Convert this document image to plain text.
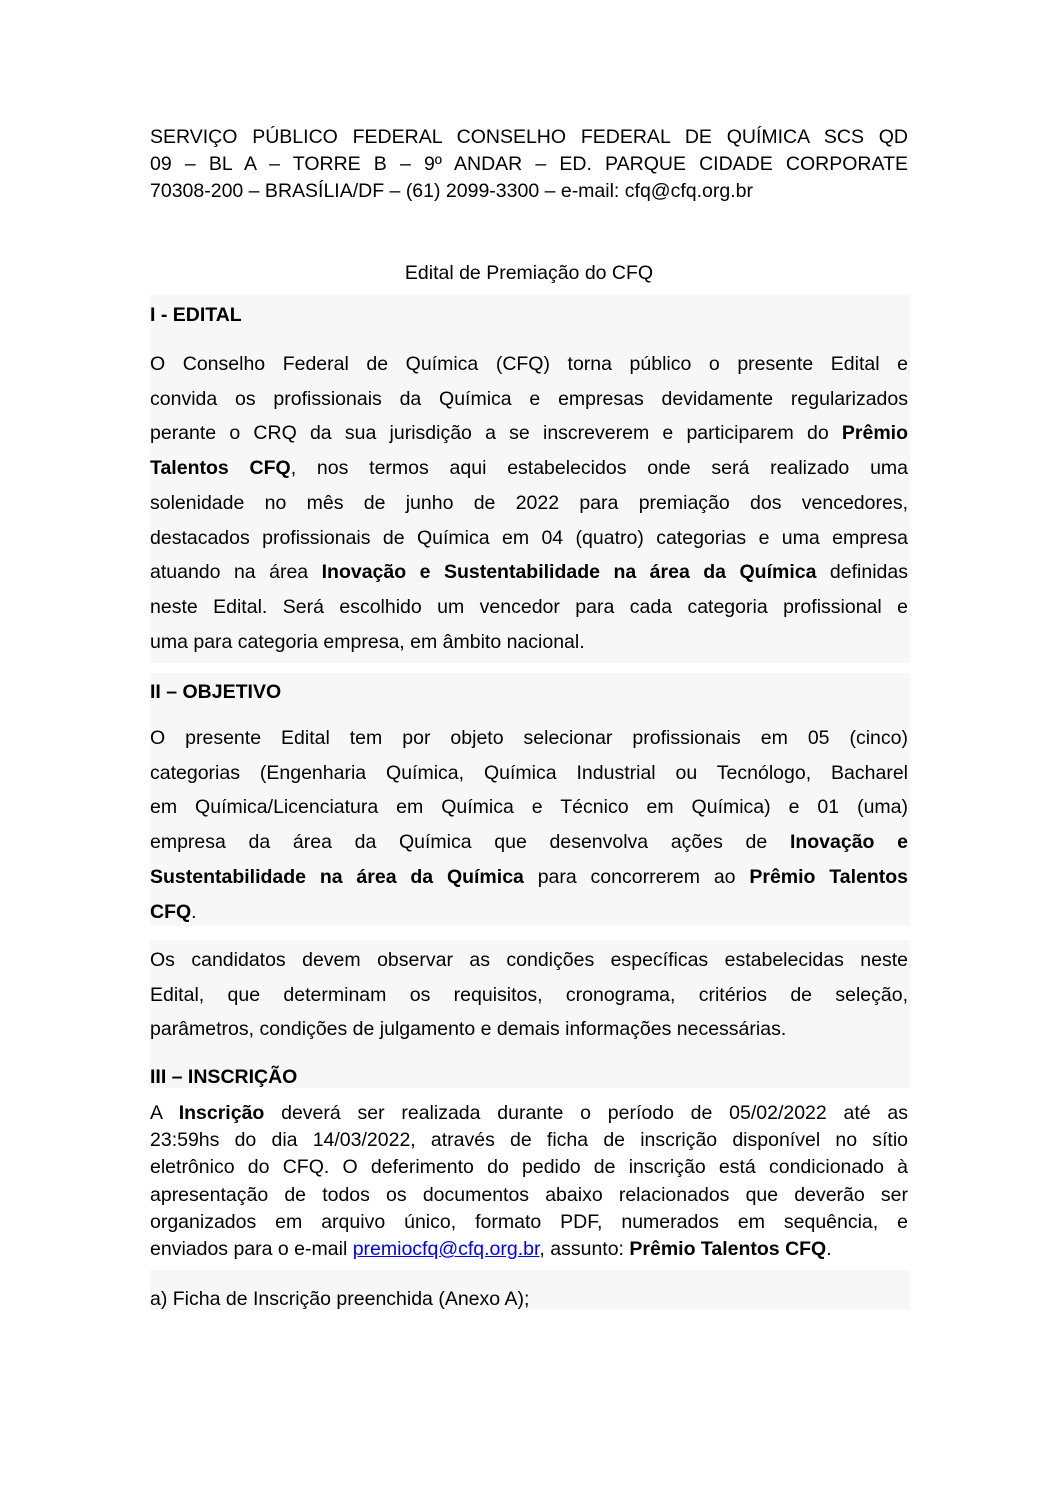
SERVIÇO PÚBLICO FEDERAL CONSELHO FEDERAL DE QUÍMICA SCS QD
09 – BL A – TORRE B – 9º ANDAR – ED. PARQUE CIDADE CORPORATE
70308-200 – BRASÍLIA/DF – (61) 2099-3300 – e-mail: cfq@cfq.org.br
Edital de Premiação do CFQ
I - EDITAL
O Conselho Federal de Química (CFQ) torna público o presente Edital e
convida os profissionais da Química e empresas devidamente regularizados
perante o CRQ da sua jurisdição a se inscreverem e participarem do Prêmio
Talentos CFQ, nos termos aqui estabelecidos onde será realizado uma
solenidade no mês de junho de 2022 para premiação dos vencedores,
destacados profissionais de Química em 04 (quatro) categorias e uma empresa
atuando na área Inovação e Sustentabilidade na área da Química definidas
neste Edital. Será escolhido um vencedor para cada categoria profissional e
uma para categoria empresa, em âmbito nacional.
II – OBJETIVO
O presente Edital tem por objeto selecionar profissionais em 05 (cinco)
categorias (Engenharia Química, Química Industrial ou Tecnólogo, Bacharel
em Química/Licenciatura em Química e Técnico em Química) e 01 (uma)
empresa da área da Química que desenvolva ações de Inovação e
Sustentabilidade na área da Química para concorrerem ao Prêmio Talentos
CFQ.
Os candidatos devem observar as condições específicas estabelecidas neste
Edital, que determinam os requisitos, cronograma, critérios de seleção,
parâmetros, condições de julgamento e demais informações necessárias.
III – INSCRIÇÃO
A Inscrição deverá ser realizada durante o período de 05/02/2022 até as
23:59hs do dia 14/03/2022, através de ficha de inscrição disponível no sítio
eletrônico do CFQ. O deferimento do pedido de inscrição está condicionado à
apresentação de todos os documentos abaixo relacionados que deverão ser
organizados em arquivo único, formato PDF, numerados em sequência, e
enviados para o e-mail premiocfq@cfq.org.br, assunto: Prêmio Talentos CFQ.
a) Ficha de Inscrição preenchida (Anexo A);
